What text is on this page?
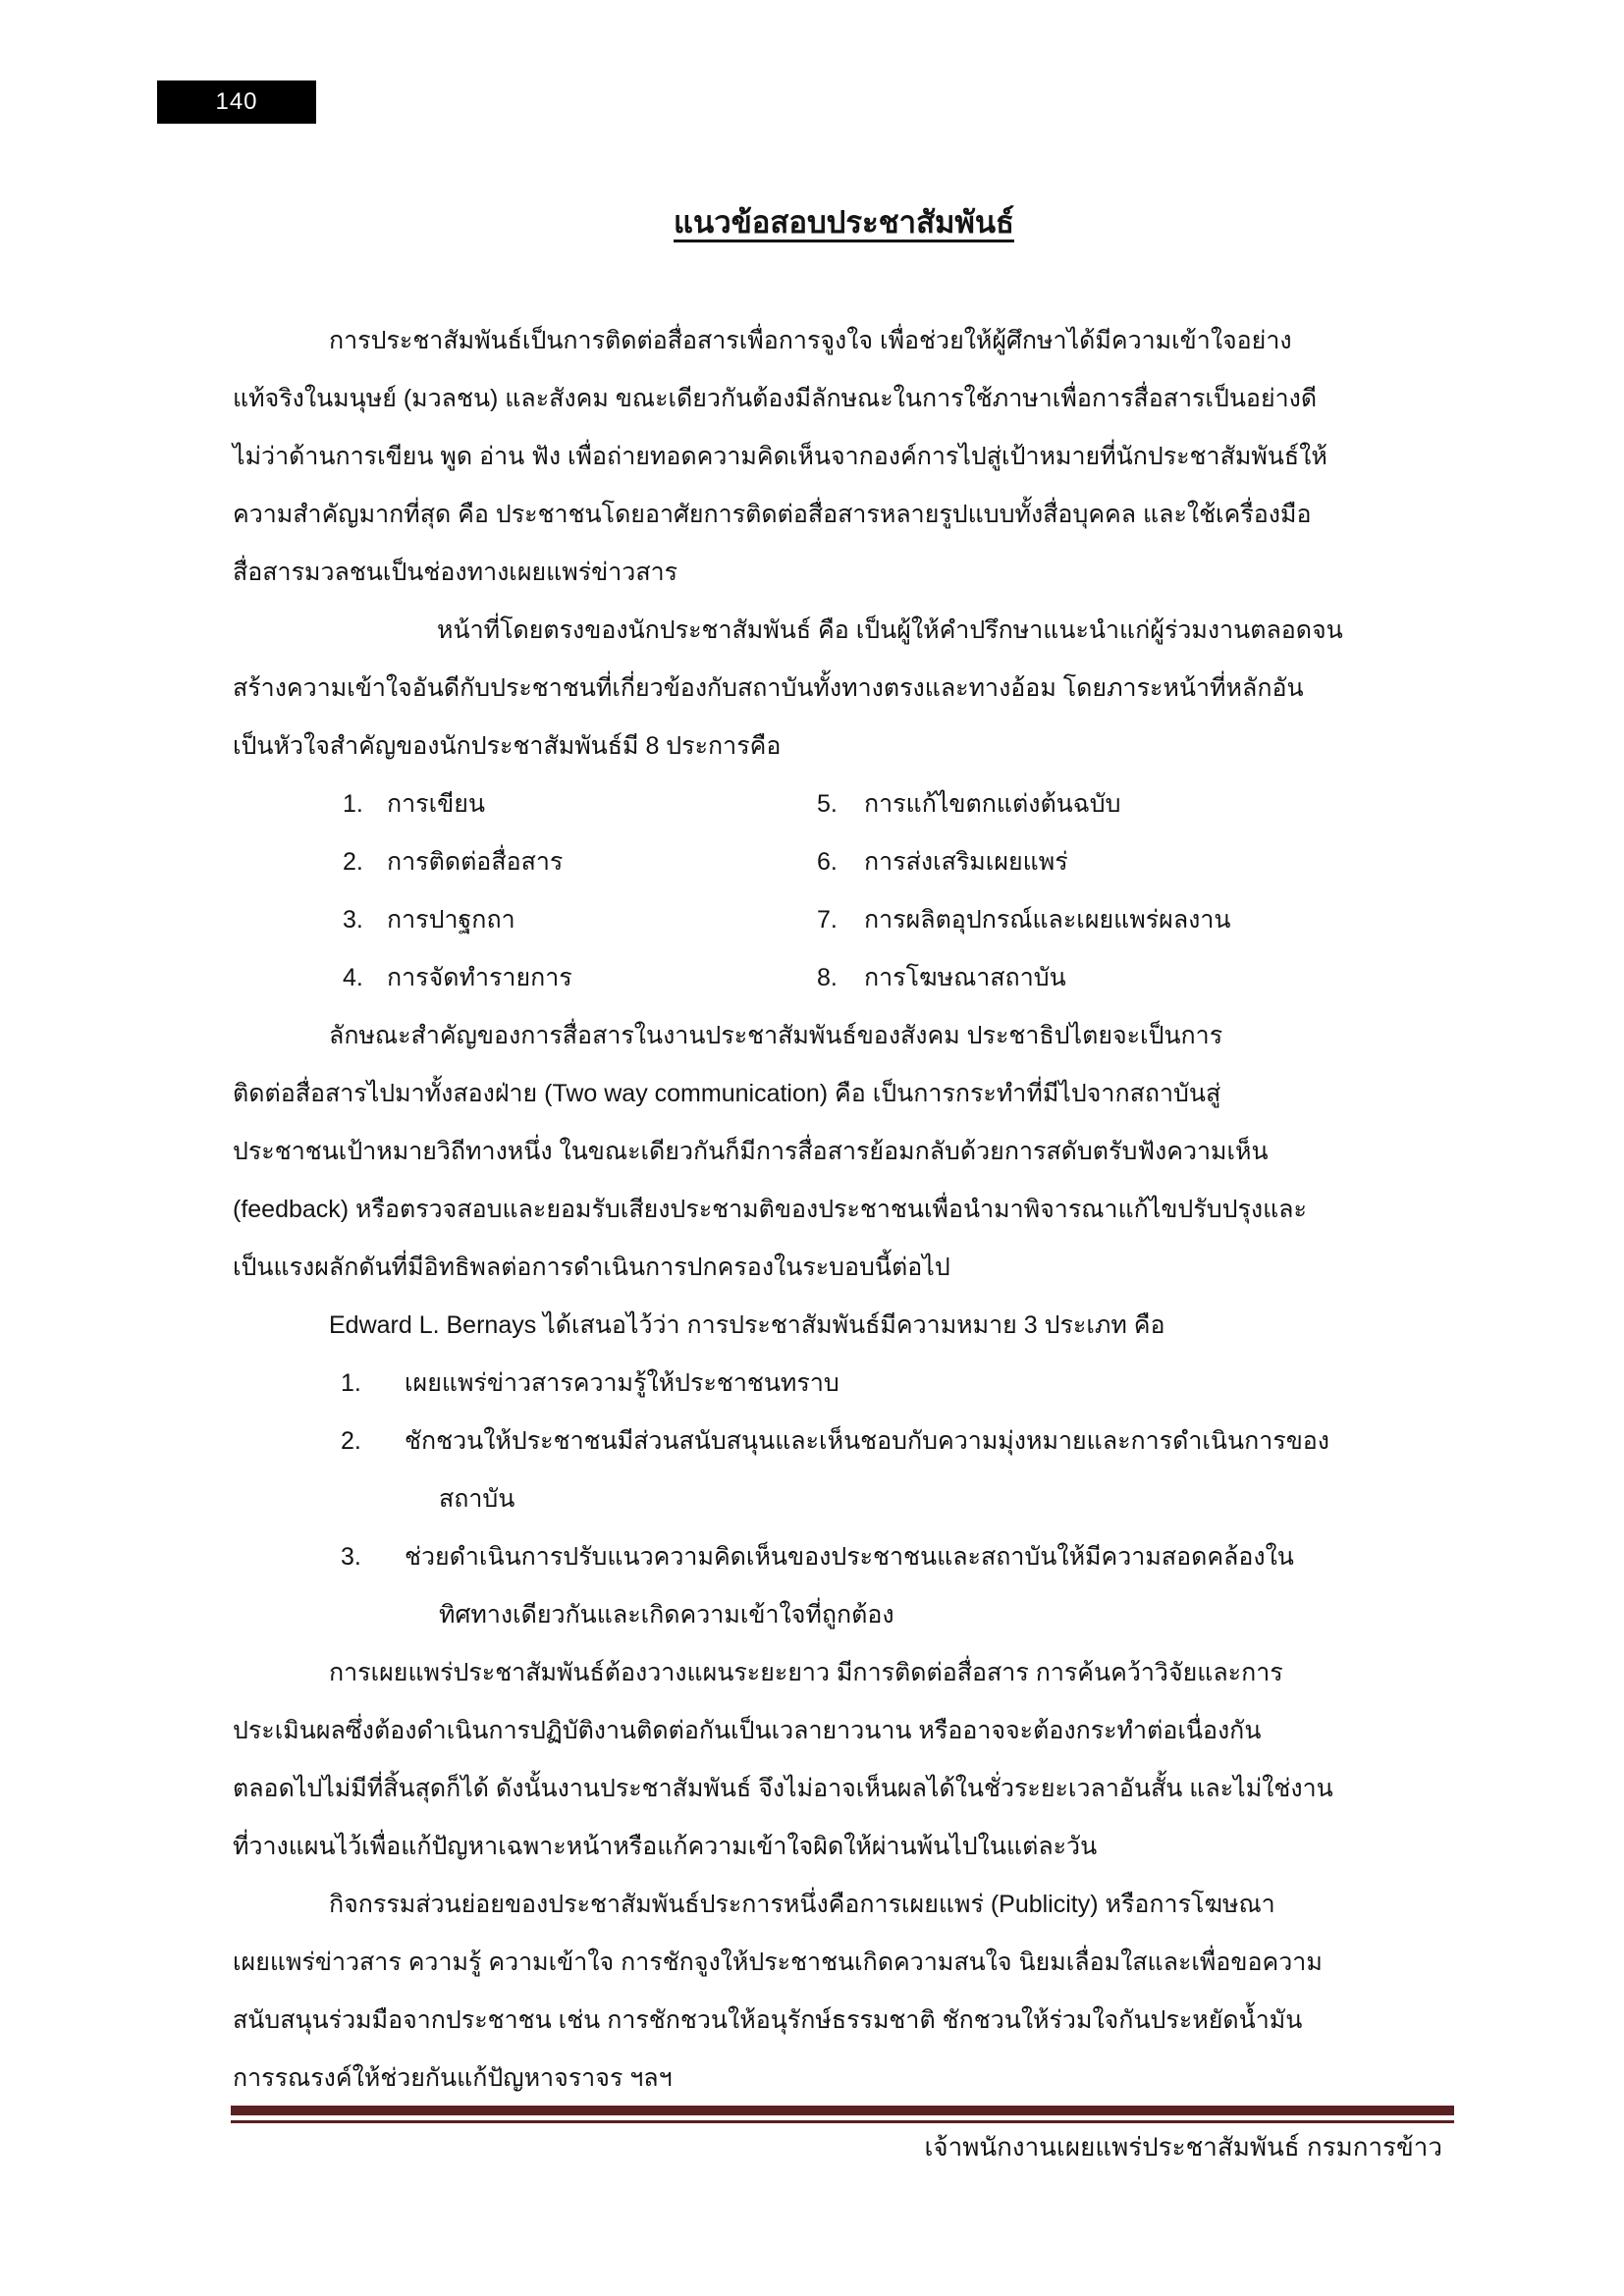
140
แนวข้อสอบประชาสัมพันธ์
การประชาสัมพันธ์เป็นการติดต่อสื่อสารเพื่อการจูงใจ เพื่อช่วยให้ผู้ศึกษาได้มีความเข้าใจอย่าง
แท้จริงในมนุษย์ (มวลชน) และสังคม ขณะเดียวกันต้องมีลักษณะในการใช้ภาษาเพื่อการสื่อสารเป็นอย่างดี
ไม่ว่าด้านการเขียน พูด อ่าน ฟัง เพื่อถ่ายทอดความคิดเห็นจากองค์การไปสู่เป้าหมายที่นักประชาสัมพันธ์ให้
ความสำคัญมากที่สุด คือ ประชาชนโดยอาศัยการติดต่อสื่อสารหลายรูปแบบทั้งสื่อบุคคล และใช้เครื่องมือ
สื่อสารมวลชนเป็นช่องทางเผยแพร่ข่าวสาร
หน้าที่โดยตรงของนักประชาสัมพันธ์ คือ เป็นผู้ให้คำปรึกษาแนะนำแก่ผู้ร่วมงานตลอดจน
สร้างความเข้าใจอันดีกับประชาชนที่เกี่ยวข้องกับสถาบันทั้งทางตรงและทางอ้อม โดยภาระหน้าที่หลักอัน
เป็นหัวใจสำคัญของนักประชาสัมพันธ์มี 8 ประการคือ
1. การเขียน	5. การแก้ไขตกแต่งต้นฉบับ
2. การติดต่อสื่อสาร	6. การส่งเสริมเผยแพร่
3. การปาฐกถา	7. การผลิตอุปกรณ์และเผยแพร่ผลงาน
4. การจัดทำรายการ	8. การโฆษณาสถาบัน
ลักษณะสำคัญของการสื่อสารในงานประชาสัมพันธ์ของสังคม ประชาธิปไตยจะเป็นการ
ติดต่อสื่อสารไปมาทั้งสองฝ่าย (Two way communication) คือ เป็นการกระทำที่มีไปจากสถาบันสู่
ประชาชนเป้าหมายวิถีทางหนึ่ง ในขณะเดียวกันก็มีการสื่อสารย้อมกลับด้วยการสดับตรับฟังความเห็น
(feedback) หรือตรวจสอบและยอมรับเสียงประชามติของประชาชนเพื่อนำมาพิจารณาแก้ไขปรับปรุงและ
เป็นแรงผลักดันที่มีอิทธิพลต่อการดำเนินการปกครองในระบอบนี้ต่อไป
Edward L. Bernays ได้เสนอไว้ว่า การประชาสัมพันธ์มีความหมาย 3 ประเภท คือ
1. เผยแพร่ข่าวสารความรู้ให้ประชาชนทราบ
2. ชักชวนให้ประชาชนมีส่วนสนับสนุนและเห็นชอบกับความมุ่งหมายและการดำเนินการของ
สถาบัน
3. ช่วยดำเนินการปรับแนวความคิดเห็นของประชาชนและสถาบันให้มีความสอดคล้องใน
ทิศทางเดียวกันและเกิดความเข้าใจที่ถูกต้อง
การเผยแพร่ประชาสัมพันธ์ต้องวางแผนระยะยาว มีการติดต่อสื่อสาร การค้นคว้าวิจัยและการ
ประเมินผลซึ่งต้องดำเนินการปฏิบัติงานติดต่อกันเป็นเวลายาวนาน หรืออาจจะต้องกระทำต่อเนื่องกัน
ตลอดไปไม่มีที่สิ้นสุดก็ได้ ดังนั้นงานประชาสัมพันธ์ จึงไม่อาจเห็นผลได้ในชั่วระยะเวลาอันสั้น และไม่ใช่งาน
ที่วางแผนไว้เพื่อแก้ปัญหาเฉพาะหน้าหรือแก้ความเข้าใจผิดให้ผ่านพ้นไปในแต่ละวัน
กิจกรรมส่วนย่อยของประชาสัมพันธ์ประการหนึ่งคือการเผยแพร่ (Publicity) หรือการโฆษณา
เผยแพร่ข่าวสาร ความรู้ ความเข้าใจ การชักจูงให้ประชาชนเกิดความสนใจ นิยมเลื่อมใสและเพื่อขอความ
สนับสนุนร่วมมือจากประชาชน เช่น การชักชวนให้อนุรักษ์ธรรมชาติ ชักชวนให้ร่วมใจกันประหยัดน้ำมัน
การรณรงค์ให้ช่วยกันแก้ปัญหาจราจร ฯลฯ
เจ้าพนักงานเผยแพร่ประชาสัมพันธ์ กรมการข้าว
